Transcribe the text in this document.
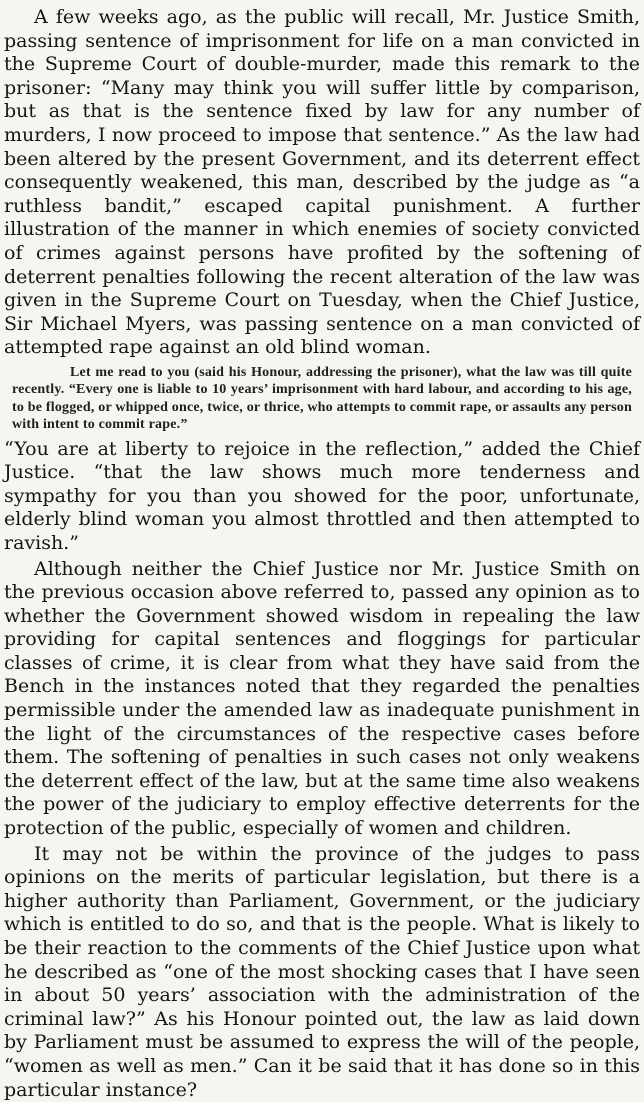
A few weeks ago, as the public will recall, Mr. Justice Smith, passing sentence of imprisonment for life on a man convicted in the Supreme Court of double-murder, made this remark to the prisoner: “Many may think you will suffer little by comparison, but as that is the sentence fixed by law for any number of murders, I now proceed to impose that sentence.” As the law had been altered by the present Government, and its deterrent effect consequently weakened, this man, described by the judge as “a ruthless bandit,” escaped capital punishment. A further illustration of the manner in which enemies of society convicted of crimes against persons have profited by the softening of deterrent penalties following the recent alteration of the law was given in the Supreme Court on Tuesday, when the Chief Justice, Sir Michael Myers, was passing sentence on a man convicted of attempted rape against an old blind woman.

Let me read to you (said his Honour, addressing the prisoner), what the law was till quite recently. “Every one is liable to 10 years’ imprisonment with hard labour, and according to his age, to be flogged, or whipped once, twice, or thrice, who attempts to commit rape, or assaults any person with intent to commit rape.”

“You are at liberty to rejoice in the reflection,” added the Chief Justice. “that the law shows much more tenderness and sympathy for you than you showed for the poor, unfortunate, elderly blind woman you almost throttled and then attempted to ravish.”

Although neither the Chief Justice nor Mr. Justice Smith on the previous occasion above referred to, passed any opinion as to whether the Government showed wisdom in repealing the law providing for capital sentences and floggings for particular classes of crime, it is clear from what they have said from the Bench in the instances noted that they regarded the penalties permissible under the amended law as inadequate punishment in the light of the circumstances of the respective cases before them. The softening of penalties in such cases not only weakens the deterrent effect of the law, but at the same time also weakens the power of the judiciary to employ effective deterrents for the protection of the public, especially of women and children.

It may not be within the province of the judges to pass opinions on the merits of particular legislation, but there is a higher authority than Parliament, Government, or the judiciary which is entitled to do so, and that is the people. What is likely to be their reaction to the comments of the Chief Justice upon what he described as “one of the most shocking cases that I have seen in about 50 years’ association with the administration of the criminal law?” As his Honour pointed out, the law as laid down by Parliament must be assumed to express the will of the people, “women as well as men.” Can it be said that it has done so in this particular instance?
